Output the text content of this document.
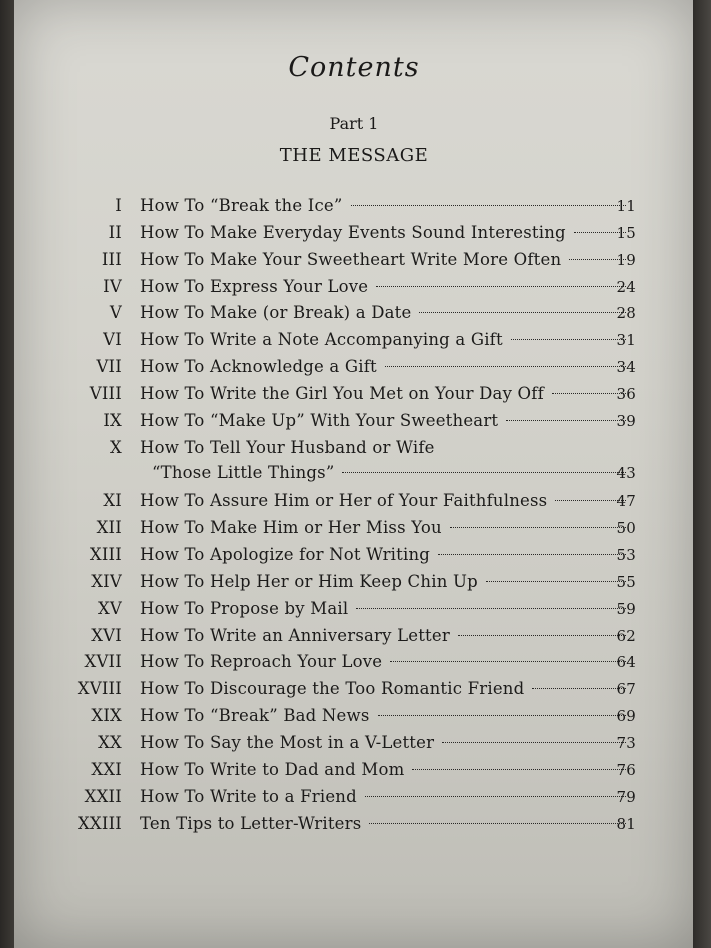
Contents
Part 1
THE MESSAGE
I How To “Break the Ice”	11
II How To Make Everyday Events Sound Interesting	15
III How To Make Your Sweetheart Write More Often	19
IV How To Express Your Love	24
V How To Make (or Break) a Date	28
VI How To Write a Note Accompanying a Gift	31
VII How To Acknowledge a Gift	34
VIII How To Write the Girl You Met on Your Day Off	36
IX How To “Make Up” With Your Sweetheart	39
X How To Tell Your Husband or Wife
“Those Little Things”	43
XI How To Assure Him or Her of Your Faithfulness	47
XII How To Make Him or Her Miss You	50
XIII How To Apologize for Not Writing	53
XIV How To Help Her or Him Keep Chin Up	55
XV How To Propose by Mail	59
XVI How To Write an Anniversary Letter	62
XVII How To Reproach Your Love	64
XVIII How To Discourage the Too Romantic Friend	67
XIX How To “Break” Bad News	69
XX How To Say the Most in a V-Letter	73
XXI How To Write to Dad and Mom	76
XXII How To Write to a Friend	79
XXIII Ten Tips to Letter-Writers	81
